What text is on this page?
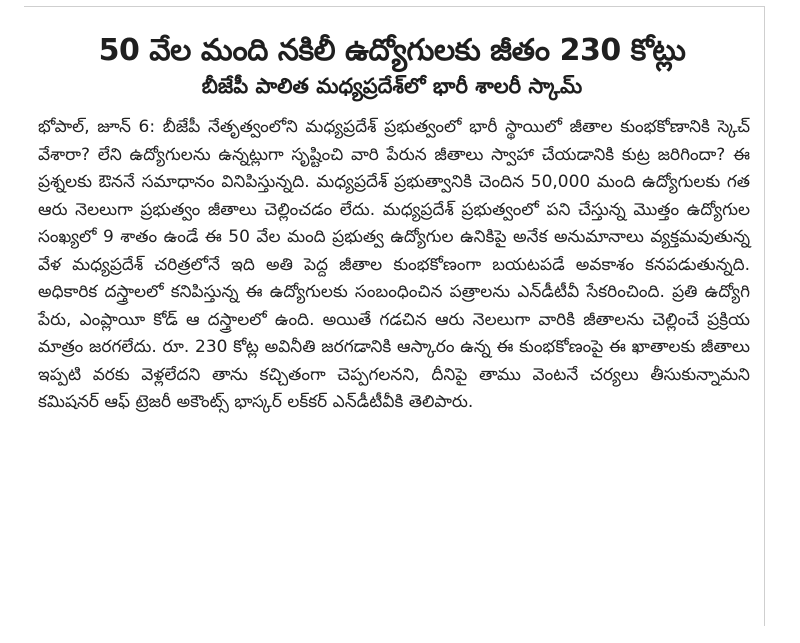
50 వేల మంది నకిలీ ఉద్యోగులకు జీతం 230 కోట్లు
బీజేపీ పాలిత మధ్యప్రదేశ్‌లో భారీ శాలరీ స్కామ్

భోపాల్, జూన్ 6: బీజేపీ నేతృత్వంలోని మధ్యప్రదేశ్ ప్రభుత్వంలో భారీ స్థాయిలో జీతాల కుంభకోణానికి స్కెచ్ వేశారా? లేని ఉద్యోగులను ఉన్నట్లుగా సృష్టించి వారి పేరున జీతాలు స్వాహా చేయడానికి కుట్ర జరిగిందా? ఈ ప్రశ్నలకు ఔననే సమాధానం వినిపిస్తున్నది. మధ్యప్రదేశ్ ప్రభుత్వానికి చెందిన 50,000 మంది ఉద్యోగులకు గత ఆరు నెలలుగా ప్రభుత్వం జీతాలు చెల్లించడం లేదు. మధ్యప్రదేశ్ ప్రభుత్వంలో పని చేస్తున్న మొత్తం ఉద్యోగుల సంఖ్యలో 9 శాతం ఉండే ఈ 50 వేల మంది ప్రభుత్వ ఉద్యోగుల ఉనికిపై అనేక అనుమానాలు వ్యక్తమవుతున్న వేళ మధ్యప్రదేశ్ చరిత్రలోనే ఇది అతి పెద్ద జీతాల కుంభకోణంగా బయటపడే అవకాశం కనపడుతున్నది. అధికారిక దస్త్రాలలో కనిపిస్తున్న ఈ ఉద్యోగులకు సంబంధించిన పత్రాలను ఎన్‌డీటీవీ సేకరించింది. ప్రతి ఉద్యోగి పేరు, ఎంప్లాయీ కోడ్ ఆ దస్త్రాలలో ఉంది. అయితే గడచిన ఆరు నెలలుగా వారికి జీతాలను చెల్లించే ప్రక్రియ మాత్రం జరగలేదు. రూ. 230 కోట్ల అవినీతి జరగడానికి ఆస్కారం ఉన్న ఈ కుంభకోణంపై ఈ ఖాతాలకు జీతాలు ఇప్పటి వరకు వెళ్లలేదని తాను కచ్చితంగా చెప్పగలనని, దీనిపై తాము వెంటనే చర్యలు తీసుకున్నామని కమిషనర్ ఆఫ్ ట్రెజరీ అకౌంట్స్ భాస్కర్ లక్‌కర్ ఎన్‌డీటీవీకి తెలిపారు.
